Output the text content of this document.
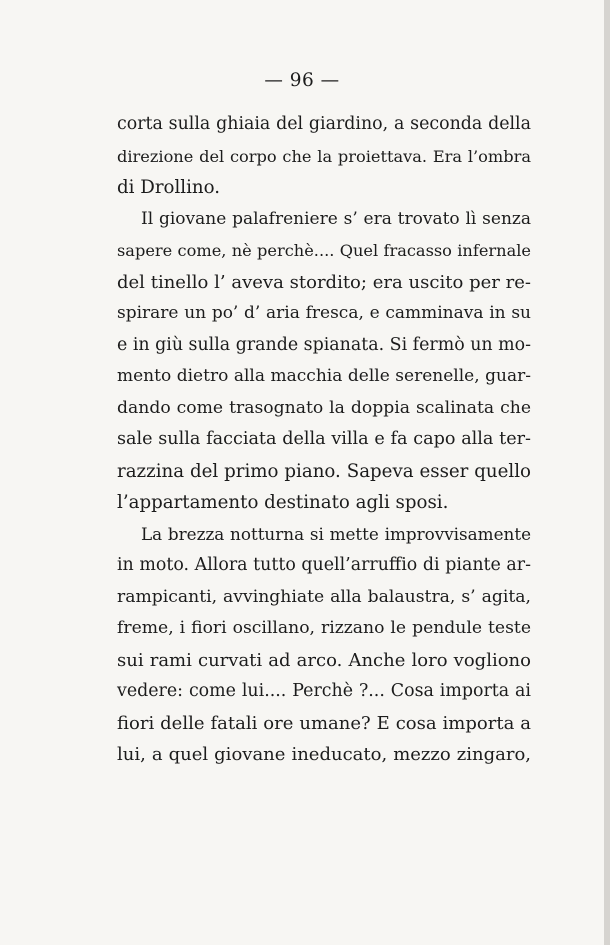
— 96 —
corta sulla ghiaia del giardino, a seconda della
direzione del corpo che la proiettava. Era l’ombra
di Drollino.
Il giovane palafreniere s’ era trovato lì senza
sapere come, nè perchè.... Quel fracasso infernale
del tinello l’ aveva stordito; era uscito per re-
spirare un po’ d’ aria fresca, e camminava in su
e in giù sulla grande spianata. Si fermò un mo-
mento dietro alla macchia delle serenelle, guar-
dando come trasognato la doppia scalinata che
sale sulla facciata della villa e fa capo alla ter-
razzina del primo piano. Sapeva esser quello
l’appartamento destinato agli sposi.
La brezza notturna si mette improvvisamente
in moto. Allora tutto quell’arruffio di piante ar-
rampicanti, avvinghiate alla balaustra, s’ agita,
freme, i fiori oscillano, rizzano le pendule teste
sui rami curvati ad arco. Anche loro vogliono
vedere: come lui.... Perchè ?... Cosa importa ai
fiori delle fatali ore umane? E cosa importa a
lui, a quel giovane ineducato, mezzo zingaro,
